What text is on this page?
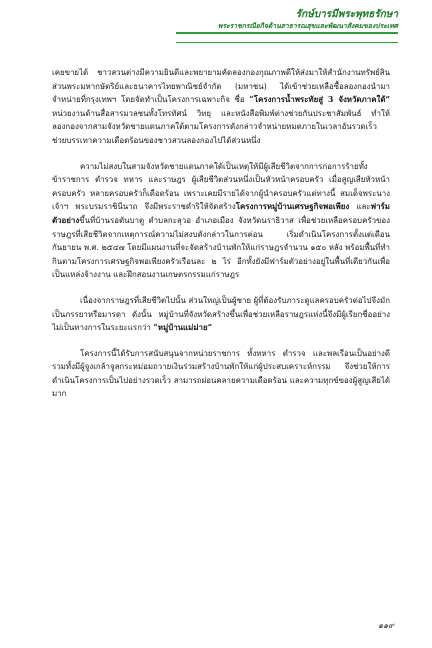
รักษ์บารมีพระพุทธรักษา
พระราชกรณียกิจด้านสาธารณสุขและพัฒนาสังคมของประเทศ

เคยขายได้ ชาวสวนต่างมีความยินดีและพยายามคัดลองกองกุณภาพดีให้ส่งมาให้สำนักงานทรัพย์สินส่วนพระมหากษัตริย์และธนาคารไทยพาณิชย์จำกัด (มหาชน) ได้เข้าช่วยเหลือซื้อลองกองนำมาจำหน่ายที่กรุงเทพฯ โดยจัดทำเป็นโครงการเฉพาะกิจ ชื่อ “โครงการน้ำพระทัยสู่ 3 จังหวัดภาคใต้” หน่วยงานด้านสื่อสารมวลชนทั้งโทรทัศน์ วิทยุ และหนังสือพิมพ์ต่างช่วยกันประชาสัมพันธ์ ทำให้ลองกองจากสามจังหวัดชายแดนภาคใต้ตามโครงการดังกล่าวจำหน่ายหมดภายในเวลาอันรวดเร็ว ช่วยบรรเทาความเดือดร้อนของชาวสวนลองกองไปได้ส่วนหนึ่ง

ความไม่สงบในสามจังหวัดชายแดนภาคใต้เป็นเหตุให้มีผู้เสียชีวิตจากการก่อการร้ายทั้งข้าราชการ ตำรวจ ทหาร และราษฎร ผู้เสียชีวิตส่วนหนึ่งเป็นหัวหน้าครอบครัว เมื่อสูญเสียหัวหน้าครอบครัว หลายครอบครัวก็เดือดร้อน เพราะเคยมีรายได้จากผู้นำครอบครัวแต่ทางนี้ สมเด็จพระนางเจ้าฯ พระบรมราชินีนาถ จึงมีพระราชดำริให้จัดสร้างโครงการหมู่บ้านเศรษฐกิจพอเพียง และฟาร์มตัวอย่างขึ้นที่บ้านรอตันบาตู ตำบลกะลุวอ อำเภอเมือง จังหวัดนราธิวาส เพื่อช่วยเหลือครอบครัวของราษฎรที่เสียชีวิตจากเหตุการณ์ความไม่สงบดังกล่าวในการต่อน เริ่มดำเนินโครงการตั้งแต่เดือนกันยายน พ.ศ. ๒๕๔๗ โดยมีแผนงานที่จะจัดสร้างบ้านพักให้แก่ราษฎรจำนวน ๑๕๐ หลัง พร้อมพื้นที่ทำกินตามโครงการเศรษฐกิจพอเพียงครัวเรือนละ ๒ ไร่ อีกทั้งยังมีฟาร์มตัวอย่างอยู่ในพื้นที่เดียวกันเพื่อเป็นแหล่งจ้างงาน และฝึกสอนงานเกษตรกรรมแก่ราษฎร

เนื่องจากราษฎรที่เสียชีวิตไปนั้น ส่วนใหญ่เป็นผู้ชาย ผู้ที่ต้องรับภาระดูแลครอบครัวต่อไปจึงมักเป็นภรรยาหรือมารดา ดังนั้น หมู่บ้านที่จังหวัดสร้างขึ้นเพื่อช่วยเหลือราษฎรแห่งนี้จึงมีผู้เรียกชื่ออย่างไม่เป็นทางการในระยะแรกว่า “หมู่บ้านแม่ม่าย”

โครงการนี้ได้รับการสนับสนุนจากหน่วยราชการ ทั้งทหาร ตำรวจ และพลเรือนเป็นอย่างดี รวมทั้งมีผู้จูงเกล้าจูลกระหม่อมถวายเงินร่วมสร้างบ้านพักให้แก่ผู้ประสบเคราะห์กรรม จึงช่วยให้การดำเนินโครงการเป็นไปอย่างรวดเร็ว สามารถผ่อนคลายความเดือดร้อน และความทุกข์ของผู้สูญเสียได้มาก

๑๑๙
